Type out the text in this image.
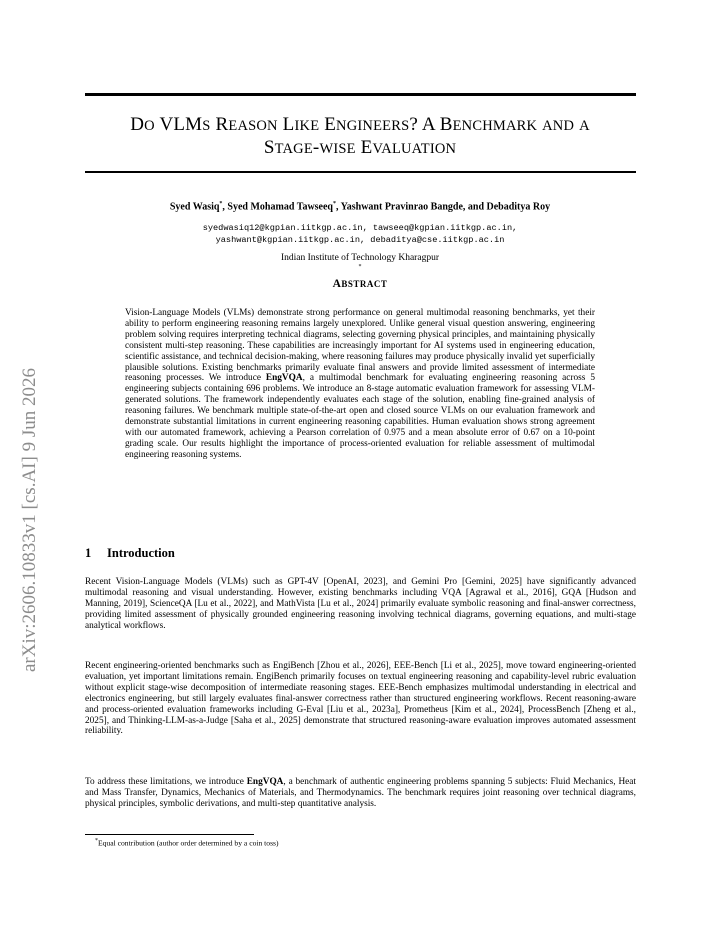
arXiv:2606.10833v1 [cs.AI] 9 Jun 2026
DO VLMS REASON LIKE ENGINEERS? A BENCHMARK AND A
STAGE-WISE EVALUATION
Syed Wasiq*, Syed Mohamad Tawseeq*, Yashwant Pravinrao Bangde, and Debaditya Roy
syedwasiq12@kgpian.iitkgp.ac.in, tawseeq@kgpian.iitkgp.ac.in,
yashwant@kgpian.iitkgp.ac.in, debaditya@cse.iitkgp.ac.in
Indian Institute of Technology Kharagpur
*
ABSTRACT

Vision-Language Models (VLMs) demonstrate strong performance on general multimodal reasoning benchmarks, yet their ability to perform engineering reasoning remains largely unexplored. Unlike general visual question answering, engineering problem solving requires interpreting technical diagrams, selecting governing physical principles, and maintaining physically consistent multi-step reasoning. These capabilities are increasingly important for AI systems used in engineering education, scientific assistance, and technical decision-making, where reasoning failures may produce physically invalid yet superficially plausible solutions. Existing benchmarks primarily evaluate final answers and provide limited assessment of intermediate reasoning processes. We introduce EngVQA, a multimodal benchmark for evaluating engineering reasoning across 5 engineering subjects containing 696 problems. We introduce an 8-stage automatic evaluation framework for assessing VLM-generated solutions. The framework independently evaluates each stage of the solution, enabling fine-grained analysis of reasoning failures. We benchmark multiple state-of-the-art open and closed source VLMs on our evaluation framework and demonstrate substantial limitations in current engineering reasoning capabilities. Human evaluation shows strong agreement with our automated framework, achieving a Pearson correlation of 0.975 and a mean absolute error of 0.67 on a 10-point grading scale. Our results highlight the importance of process-oriented evaluation for reliable assessment of multimodal engineering reasoning systems.

1 Introduction

Recent Vision-Language Models (VLMs) such as GPT-4V [OpenAI, 2023], and Gemini Pro [Gemini, 2025] have significantly advanced multimodal reasoning and visual understanding. However, existing benchmarks including VQA [Agrawal et al., 2016], GQA [Hudson and Manning, 2019], ScienceQA [Lu et al., 2022], and MathVista [Lu et al., 2024] primarily evaluate symbolic reasoning and final-answer correctness, providing limited assessment of physically grounded engineering reasoning involving technical diagrams, governing equations, and multi-stage analytical workflows.

Recent engineering-oriented benchmarks such as EngiBench [Zhou et al., 2026], EEE-Bench [Li et al., 2025], move toward engineering-oriented evaluation, yet important limitations remain. EngiBench primarily focuses on textual engineering reasoning and capability-level rubric evaluation without explicit stage-wise decomposition of intermediate reasoning stages. EEE-Bench emphasizes multimodal understanding in electrical and electronics engineering, but still largely evaluates final-answer correctness rather than structured engineering workflows. Recent reasoning-aware and process-oriented evaluation frameworks including G-Eval [Liu et al., 2023a], Prometheus [Kim et al., 2024], ProcessBench [Zheng et al., 2025], and Thinking-LLM-as-a-Judge [Saha et al., 2025] demonstrate that structured reasoning-aware evaluation improves automated assessment reliability.

To address these limitations, we introduce EngVQA, a benchmark of authentic engineering problems spanning 5 subjects: Fluid Mechanics, Heat and Mass Transfer, Dynamics, Mechanics of Materials, and Thermodynamics. The benchmark requires joint reasoning over technical diagrams, physical principles, symbolic derivations, and multi-step quantitative analysis.

*Equal contribution (author order determined by a coin toss)
